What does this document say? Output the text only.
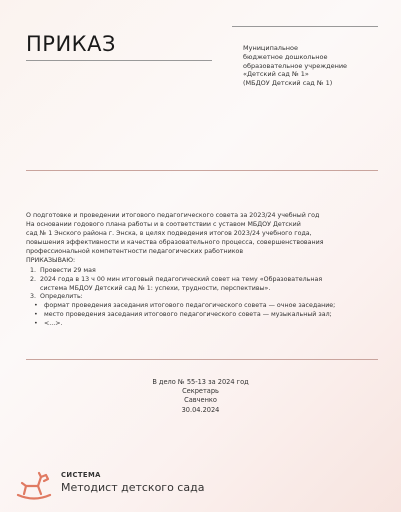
ПРИКАЗ	Муниципальное
бюджетное дошкольное
образовательное учреждение
«Детский сад № 1»
(МБДОУ Детский сад № 1)
О подготовке и проведении итогового педагогического совета за 2023/24 учебный год
На основании годового плана работы и в соответствии с уставом МБДОУ Детский
сад № 1 Энского района г. Энска, в целях подведения итогов 2023/24 учебного года,
повышения эффективности и качества образовательного процесса, совершенствования
профессиональной компетентности педагогических работников
ПРИКАЗЫВАЮ:
1. Провести 29 мая
2. 2024 года в 13 ч 00 мин итоговый педагогический совет на тему «Образовательная
система МБДОУ Детский сад № 1: успехи, трудности, перспективы».
3. Определить:
• формат проведения заседания итогового педагогического совета — очное заседание;
• место проведения заседания итогового педагогического совета — музыкальный зал;
• <...>.
В дело № 55-13 за 2024 год
Секретарь
Савченко
30.04.2024
СИСТЕМА
Методист детского сада
